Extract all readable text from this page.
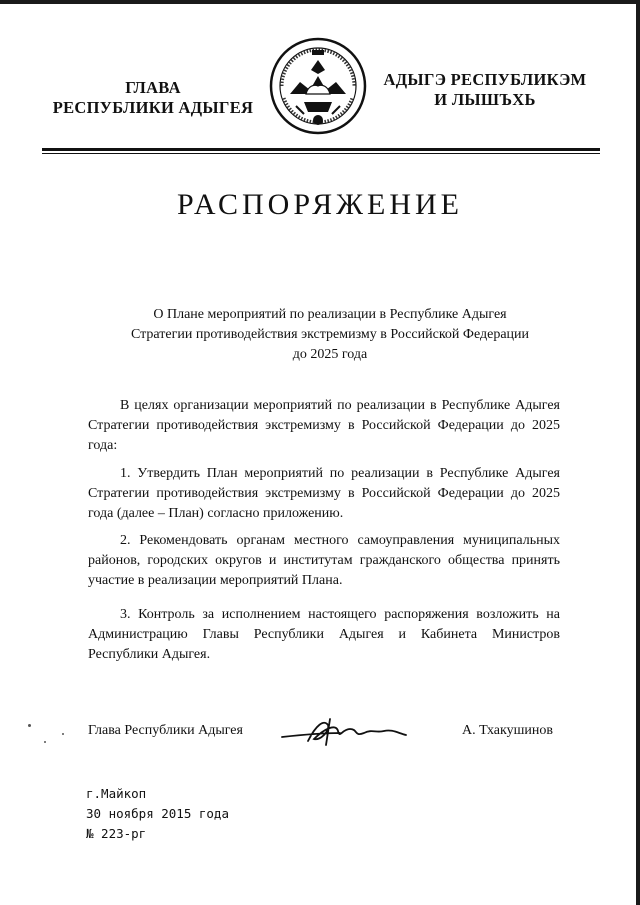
ГЛАВА
РЕСПУБЛИКИ АДЫГЕЯ
АДЫГЭ РЕСПУБЛИКЭМ
И ЛЫШЪХЬ
РАСПОРЯЖЕНИЕ
О Плане мероприятий по реализации в Республике Адыгея
Стратегии противодействия экстремизму в Российской Федерации
до 2025 года
В целях организации мероприятий по реализации в Республике Адыгея Стратегии противодействия экстремизму в Российской Федерации до 2025 года:
1. Утвердить План мероприятий по реализации в Республике Адыгея Стратегии противодействия экстремизму в Российской Федерации до 2025 года (далее – План) согласно приложению.
2. Рекомендовать органам местного самоуправления муниципальных районов, городских округов и институтам гражданского общества принять участие в реализации мероприятий Плана.
3. Контроль за исполнением настоящего распоряжения возложить на Администрацию Главы Республики Адыгея и Кабинета Министров Республики Адыгея.
Глава Республики Адыгея	А. Тхакушинов
г.Майкоп
30 ноября 2015 года
№ 223-рг
